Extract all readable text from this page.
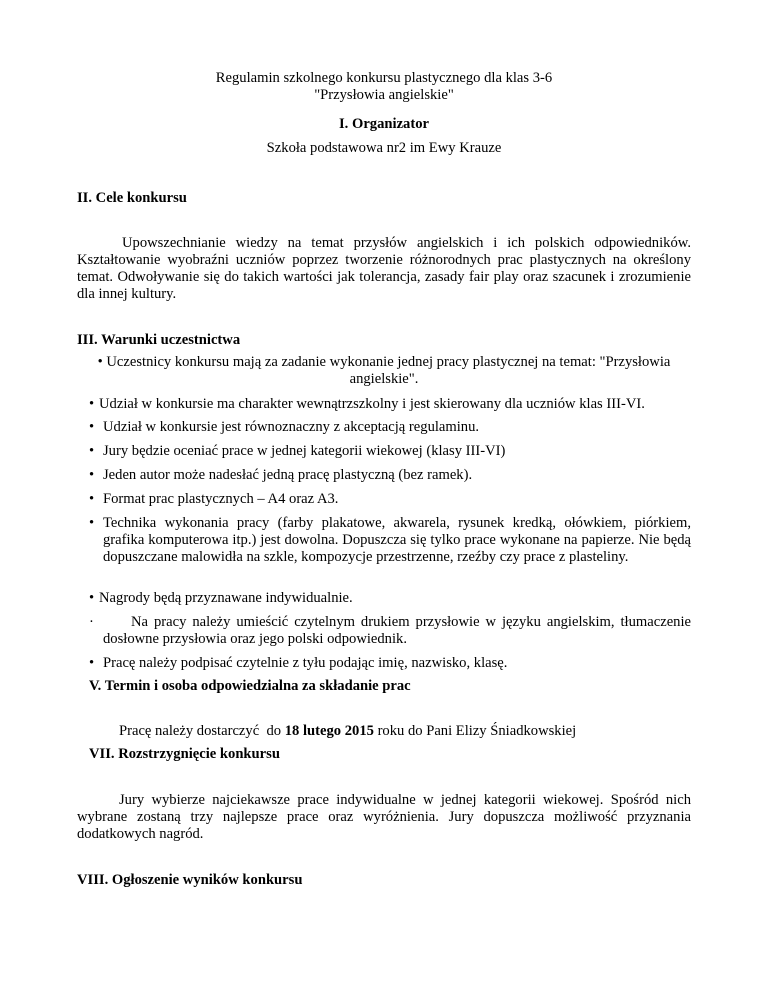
Regulamin szkolnego konkursu plastycznego dla klas 3-6

"Przysłowia angielskie"

I. Organizator

Szkoła podstawowa nr2 im Ewy Krauze

II. Cele konkursu

Upowszechnianie wiedzy na temat przysłów angielskich i ich polskich odpowiedników. Kształtowanie wyobraźni uczniów poprzez tworzenie różnorodnych prac plastycznych na określony temat. Odwoływanie się do takich wartości jak tolerancja, zasady fair play oraz szacunek i zrozumienie dla innej kultury.

III. Warunki uczestnictwa

• Uczestnicy konkursu mają za zadanie wykonanie jednej pracy plastycznej na temat: "Przysłowia

angielskie".

• Udział w konkursie ma charakter wewnątrzszkolny i jest skierowany dla uczniów klas III-VI.
• Udział w konkursie jest równoznaczny z akceptacją regulaminu.
• Jury będzie oceniać prace w jednej kategorii wiekowej (klasy III-VI)
• Jeden autor może nadesłać jedną pracę plastyczną (bez ramek).
• Format prac plastycznych – A4 oraz A3.
• Technika wykonania pracy (farby plakatowe, akwarela, rysunek kredką, ołówkiem, piórkiem, grafika komputerowa itp.) jest dowolna. Dopuszcza się tylko prace wykonane na papierze. Nie będą dopuszczane malowidła na szkle, kompozycje przestrzenne, rzeźby czy prace z plasteliny.
• Nagrody będą przyznawane indywidualnie.
·	Na pracy należy umieścić czytelnym drukiem przysłowie w języku angielskim, tłumaczenie dosłowne przysłowia oraz jego polski odpowiednik.
• Pracę należy podpisać czytelnie z tyłu podając imię, nazwisko, klasę.

V. Termin i osoba odpowiedzialna za składanie prac

Pracę należy dostarczyć  do 18 lutego 2015 roku do Pani Elizy Śniadkowskiej

VII. Rozstrzygnięcie konkursu

Jury wybierze najciekawsze prace indywidualne w jednej kategorii wiekowej. Spośród nich wybrane zostaną trzy najlepsze prace oraz wyróżnienia. Jury dopuszcza możliwość przyznania dodatkowych nagród.

VIII. Ogłoszenie wyników konkursu
